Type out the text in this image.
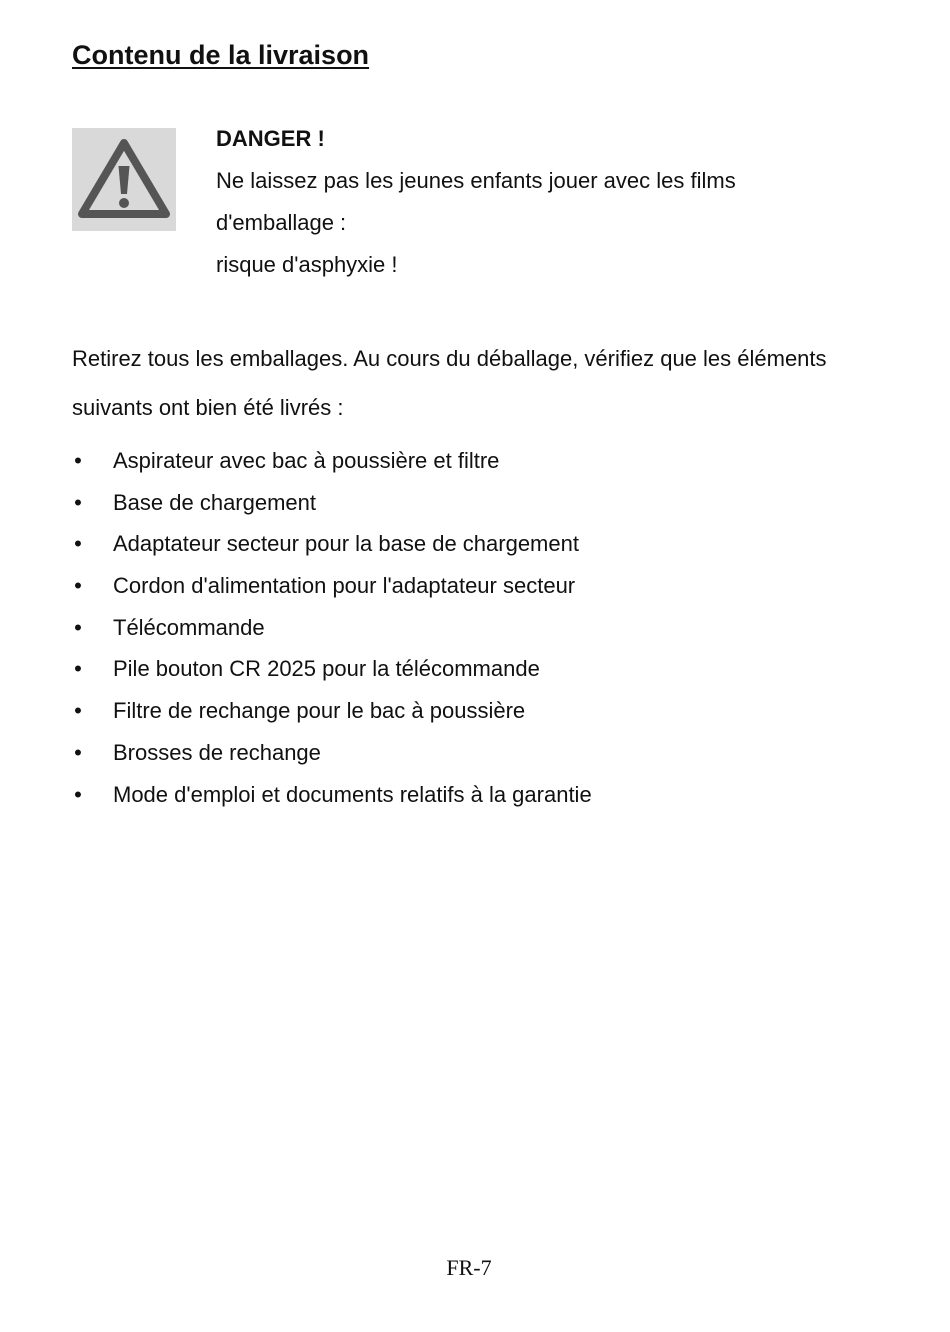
Contenu de la livraison
DANGER !
Ne laissez pas les jeunes enfants jouer avec les films
d'emballage :
risque d'asphyxie !

Retirez tous les emballages. Au cours du déballage, vérifiez que les éléments suivants ont bien été livrés :

• Aspirateur avec bac à poussière et filtre
• Base de chargement
• Adaptateur secteur pour la base de chargement
• Cordon d'alimentation pour l'adaptateur secteur
• Télécommande
• Pile bouton CR 2025 pour la télécommande
• Filtre de rechange pour le bac à poussière
• Brosses de rechange
• Mode d'emploi et documents relatifs à la garantie
FR-7
